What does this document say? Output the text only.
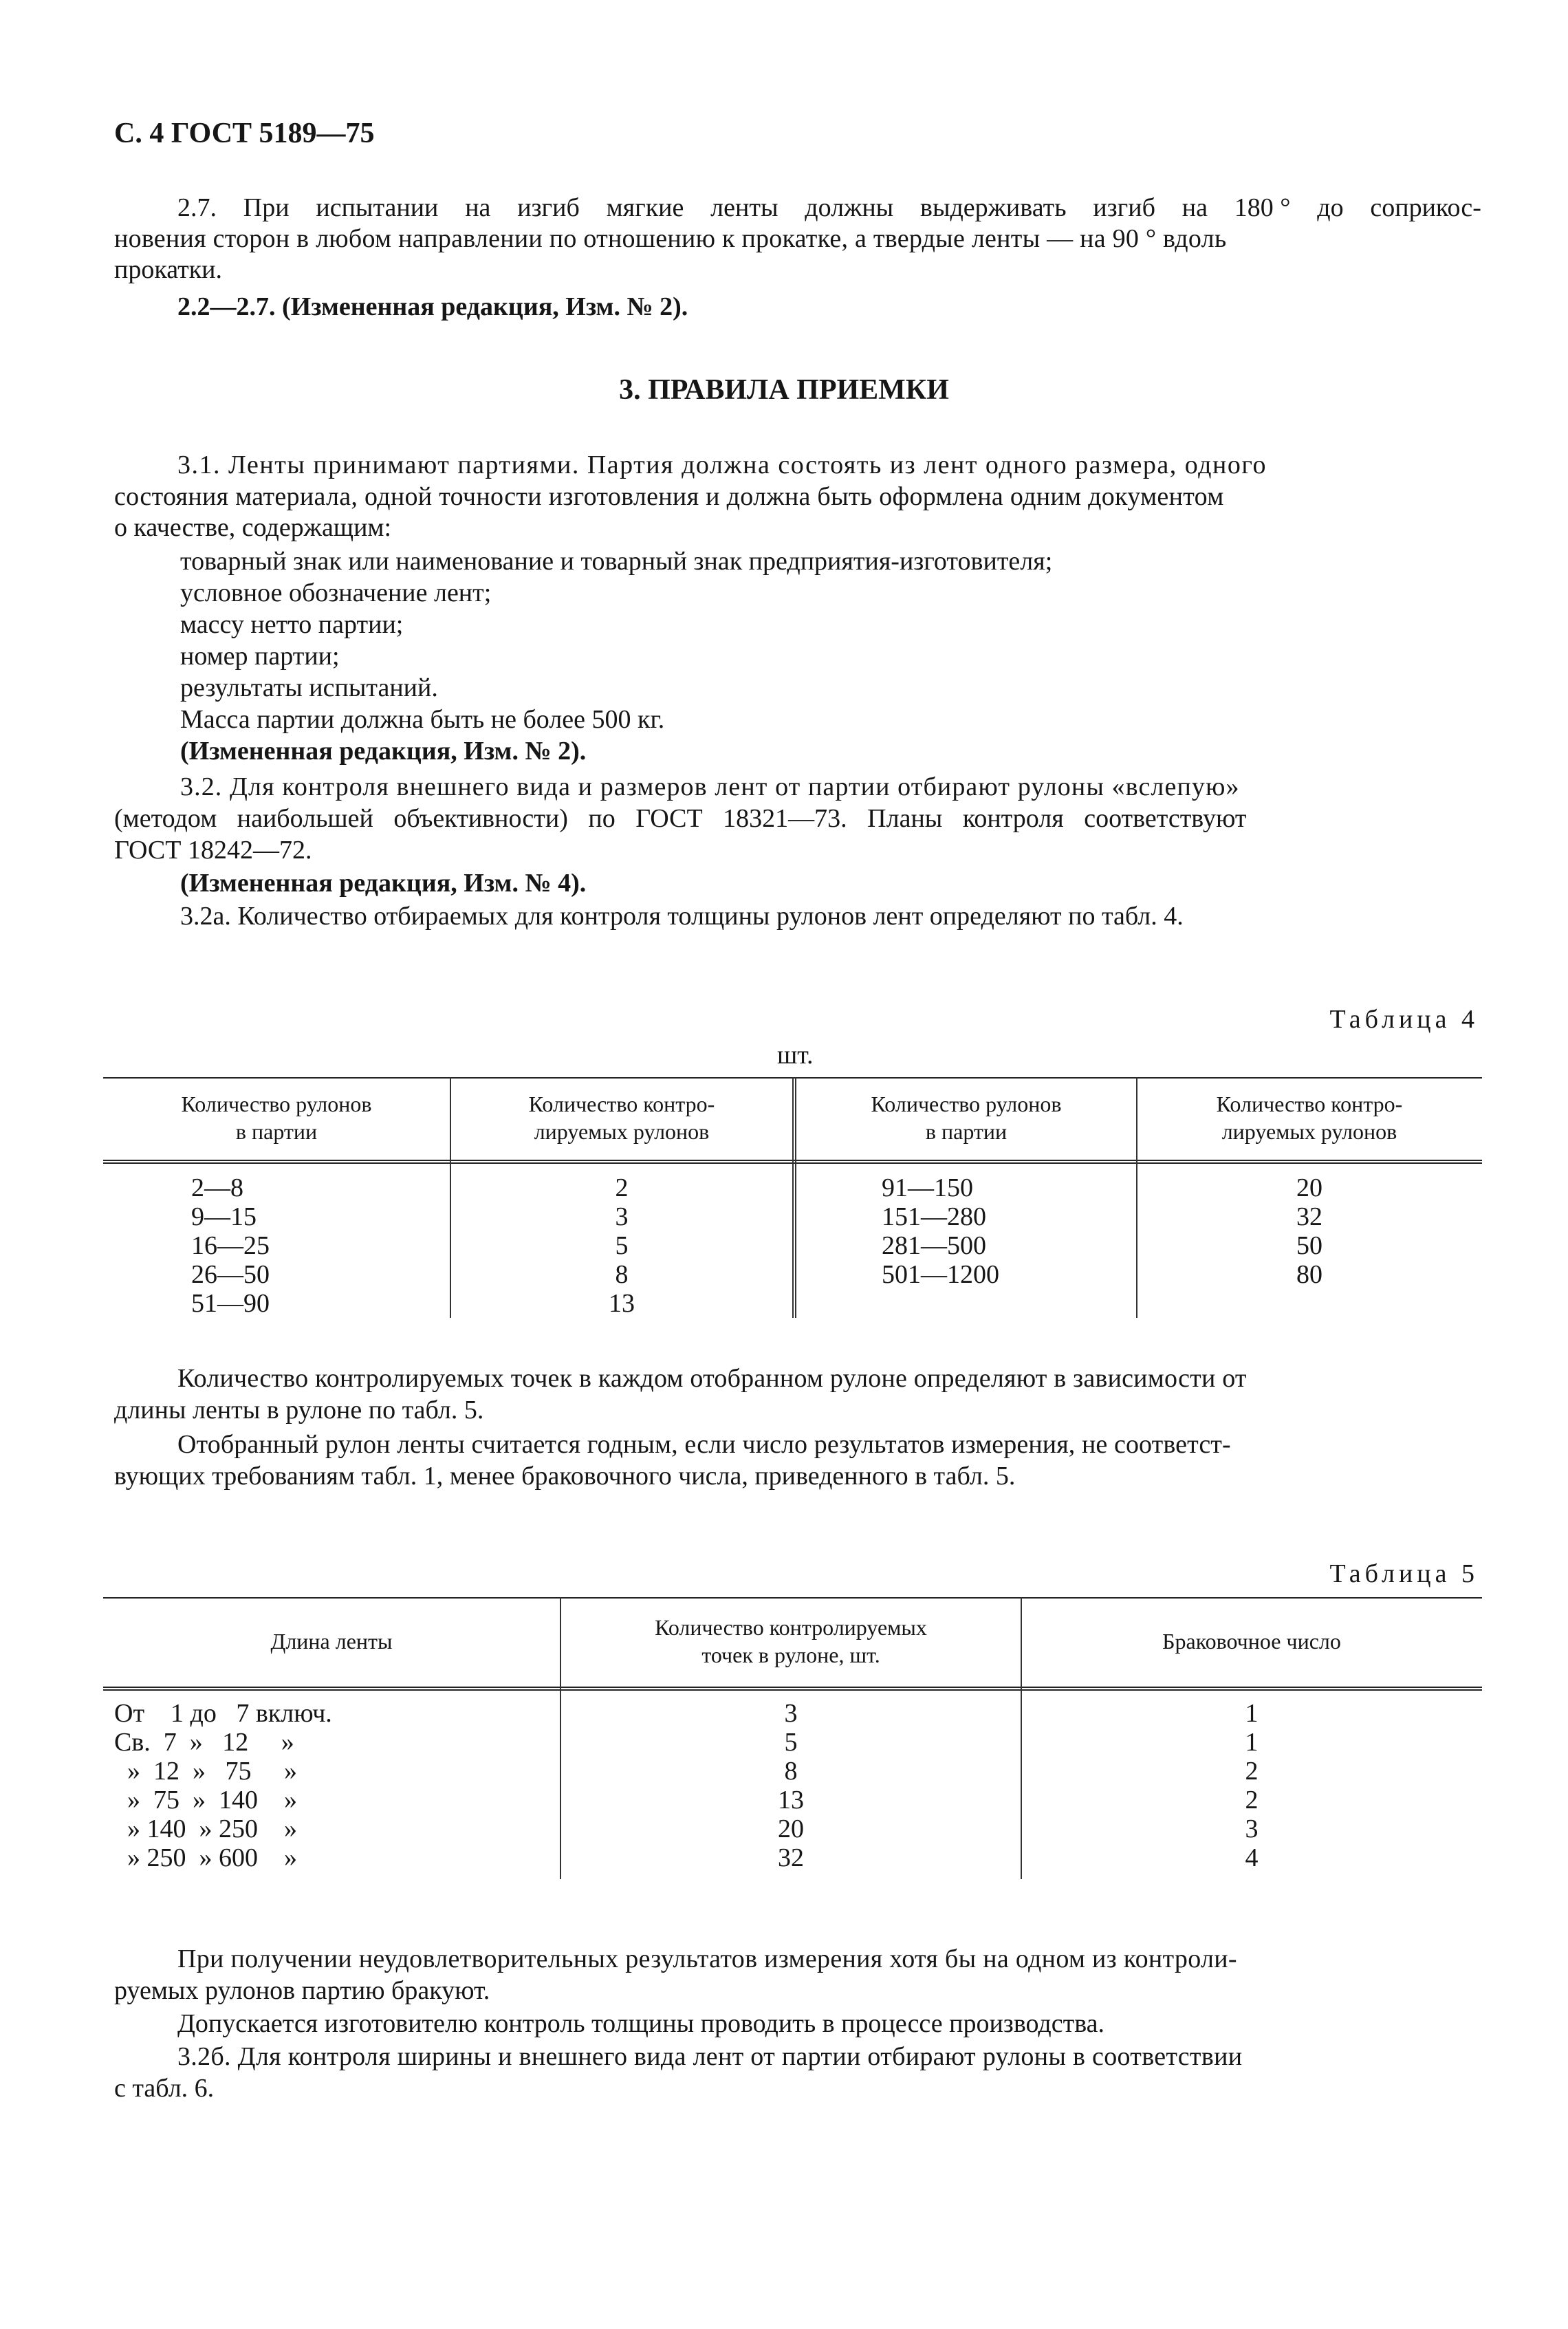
С. 4 ГОСТ 5189—75
2.7. При испытании на изгиб мягкие ленты должны выдерживать изгиб на 180 ° до соприкос-
новения сторон в любом направлении по отношению к прокатке, а твердые ленты — на 90 ° вдоль
прокатки.
2.2—2.7. (Измененная редакция, Изм. № 2).
3. ПРАВИЛА ПРИЕМКИ
3.1. Ленты принимают партиями. Партия должна состоять из лент одного размера, одного
состояния материала, одной точности изготовления и должна быть оформлена одним документом
о качестве, содержащим:
товарный знак или наименование и товарный знак предприятия-изготовителя;
условное обозначение лент;
массу нетто партии;
номер партии;
результаты испытаний.
Масса партии должна быть не более 500 кг.
(Измененная редакция, Изм. № 2).
3.2. Для контроля внешнего вида и размеров лент от партии отбирают рулоны «вслепую»
(методом наибольшей объективности) по ГОСТ 18321—73. Планы контроля соответствуют
ГОСТ 18242—72.
(Измененная редакция, Изм. № 4).
3.2а. Количество отбираемых для контроля толщины рулонов лент определяют по табл. 4.
Таблица 4
шт.
Количество рулонов
в партии
Количество контро-
лируемых рулонов
Количество рулонов
в партии
Количество контро-
лируемых рулонов
2—8	2	91—150	20
9—15	3	151—280	32
16—25	5	281—500	50
26—50	8	501—1200	80
51—90	13
Количество контролируемых точек в каждом отобранном рулоне определяют в зависимости от
длины ленты в рулоне по табл. 5.
Отобранный рулон ленты считается годным, если число результатов измерения, не соответст-
вующих требованиям табл. 1, менее браковочного числа, приведенного в табл. 5.
Таблица 5
Длина ленты
Количество контролируемых
точек в рулоне, шт.
Браковочное число
От    1 до   7 включ.	3	1
Св.  7  »   12     »	5	1
»  12  »   75     »	8	2
»  75  »  140    »	13	2
» 140  » 250    »	20	3
» 250  » 600    »	32	4
При получении неудовлетворительных результатов измерения хотя бы на одном из контроли-
руемых рулонов партию бракуют.
Допускается изготовителю контроль толщины проводить в процессе производства.
3.2б. Для контроля ширины и внешнего вида лент от партии отбирают рулоны в соответствии
с табл. 6.
